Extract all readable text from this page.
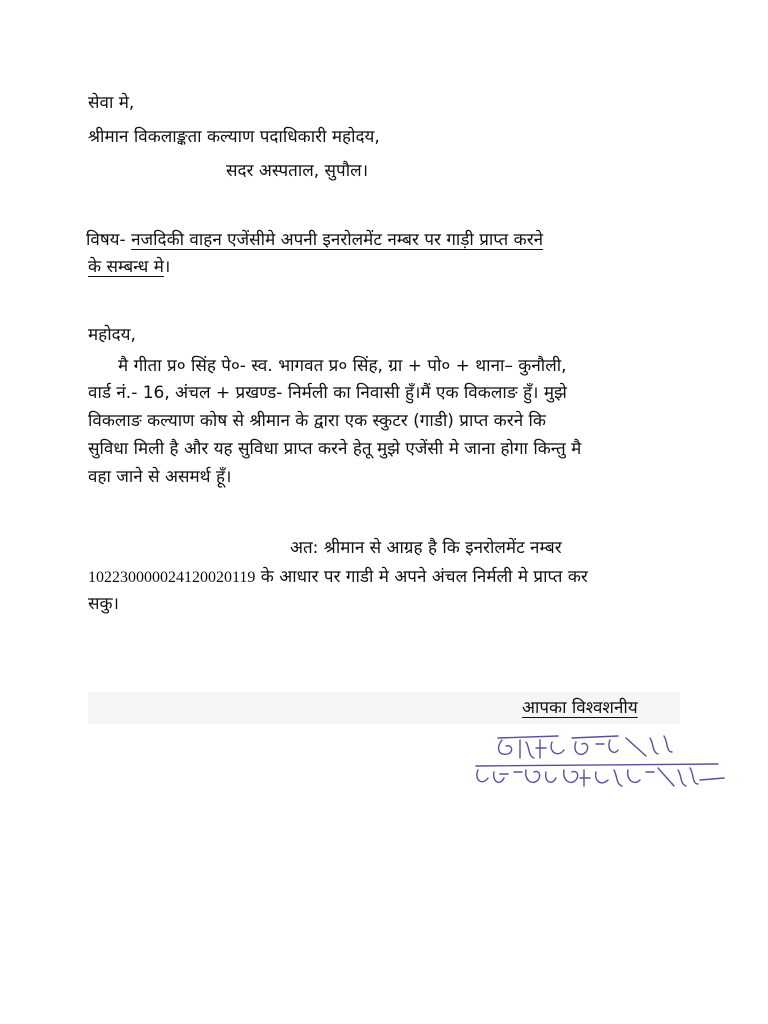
सेवा मे,
श्रीमान विकलाङ्कता कल्याण पदाधिकारी महोदय,
सदर अस्पताल, सुपौल।
विषय- नजदिकी वाहन एजेंसीमे अपनी इनरोलमेंट नम्बर पर गाड़ी प्राप्त करने
के सम्बन्ध मे।
महोदय,
मै गीता प्र० सिंह पे०- स्व. भागवत प्र० सिंह, ग्रा + पो० + थाना– कुनौली,
वार्ड नं.- 16, अंचल + प्रखण्ड- निर्मली का निवासी हुँ।मैं एक विकलाङ हुँ। मुझे
विकलाङ कल्याण कोष से श्रीमान के द्वारा एक स्कुटर (गाडी) प्राप्त करने कि
सुविधा मिली है और यह सुविधा प्राप्त करने हेतू मुझे एजेंसी मे जाना होगा किन्तु मै
वहा जाने से असमर्थ हूँ।
अत: श्रीमान से आग्रह है कि इनरोलमेंट नम्बर
10223000002412002011​9 के आधार पर गाडी मे अपने अंचल निर्मली मे प्राप्त कर
सकु।
आपका विश्वशनीय
